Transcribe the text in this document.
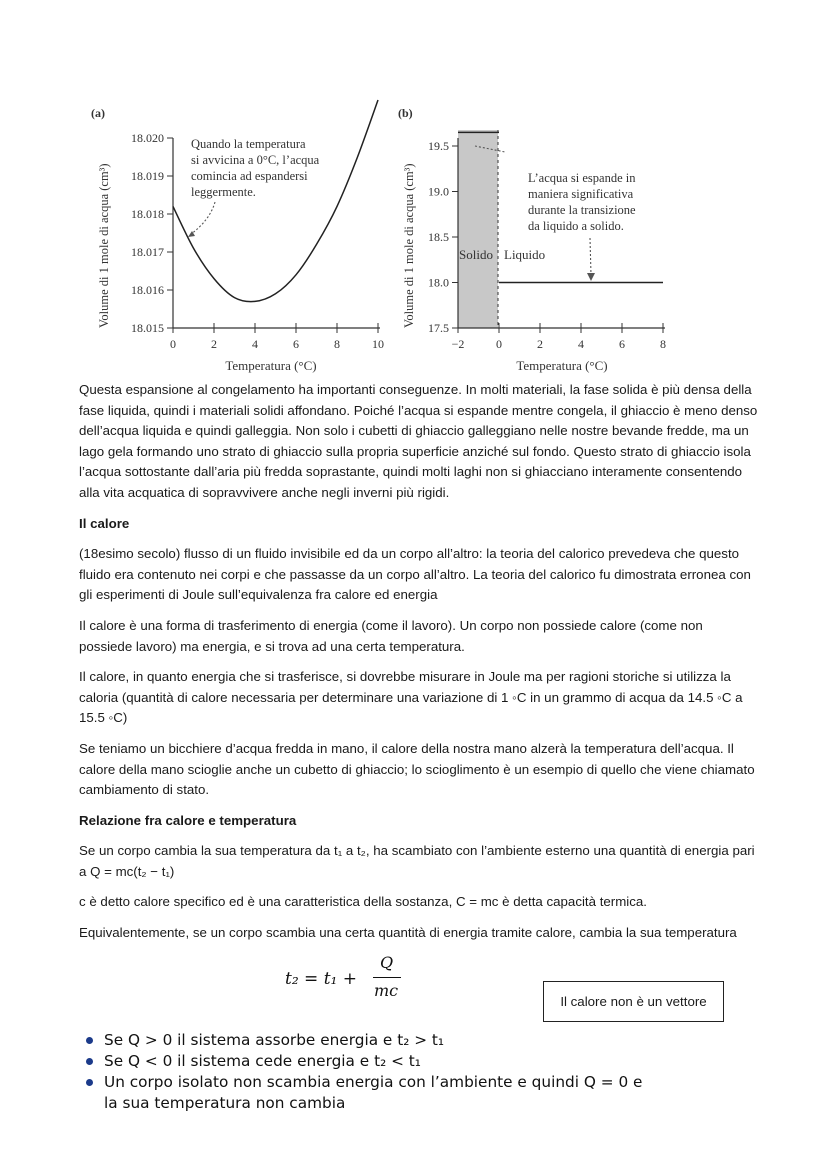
(a)
Volume di 1 mole di acqua (cm³) 18.015
18.016
18.017
18.018
18.019
18.020
0	2	4	6	8	10
Quando la temperatura
si avvicina a 0°C, l’acqua
comincia ad espandersi
leggermente.
Temperatura (°C)
(b)
Volume di 1 mole di acqua (cm³) 17.5
18.0
18.5
19.0
19.5
−2	0	2	4	6	8
Solido Liquido
L’acqua si espande in
maniera significativa
durante la transizione
da liquido a solido.
Temperatura (°C)

Questa espansione al congelamento ha importanti conseguenze. In molti materiali, la fase solida è più densa della fase liquida, quindi i materiali solidi affondano. Poiché l’acqua si espande mentre congela, il ghiaccio è meno denso dell’acqua liquida e quindi galleggia. Non solo i cubetti di ghiaccio galleggiano nelle nostre bevande fredde, ma un lago gela formando uno strato di ghiaccio sulla propria superficie anziché sul fondo. Questo strato di ghiaccio isola l’acqua sottostante dall’aria più fredda soprastante, quindi molti laghi non si ghiacciano interamente consentendo alla vita acquatica di sopravvivere anche negli inverni più rigidi.

Il calore

(18esimo secolo) flusso di un fluido invisibile ed da un corpo all’altro: la teoria del calorico prevedeva che questo fluido era contenuto nei corpi e che passasse da un corpo all’altro. La teoria del calorico fu dimostrata erronea con gli esperimenti di Joule sull’equivalenza fra calore ed energia

Il calore è una forma di trasferimento di energia (come il lavoro). Un corpo non possiede calore (come non possiede lavoro) ma energia, e si trova ad una certa temperatura.

Il calore, in quanto energia che si trasferisce, si dovrebbe misurare in Joule ma per ragioni storiche si utilizza la caloria (quantità di calore necessaria per determinare una variazione di 1 ◦C in un grammo di acqua da 14.5 ◦C a 15.5 ◦C)

Se teniamo un bicchiere d’acqua fredda in mano, il calore della nostra mano alzerà la temperatura dell’acqua. Il calore della mano scioglie anche un cubetto di ghiaccio; lo scioglimento è un esempio di quello che viene chiamato cambiamento di stato.

Relazione fra calore e temperatura

Se un corpo cambia la sua temperatura da t₁ a t₂, ha scambiato con l’ambiente esterno una quantità di energia pari a Q = mc(t₂ − t₁)

c è detto calore specifico ed è una caratteristica della sostanza, C = mc è detta capacità termica.

Equivalentemente, se un corpo scambia una certa quantità di energia tramite calore, cambia la sua temperatura

t₂ = t₁ +
Q
mc
Il calore non è un vettore
Se Q > 0 il sistema assorbe energia e t₂ > t₁
Se Q < 0 il sistema cede energia e t₂ < t₁
Un corpo isolato non scambia energia con l’ambiente e quindi Q = 0 e
la sua temperatura non cambia
